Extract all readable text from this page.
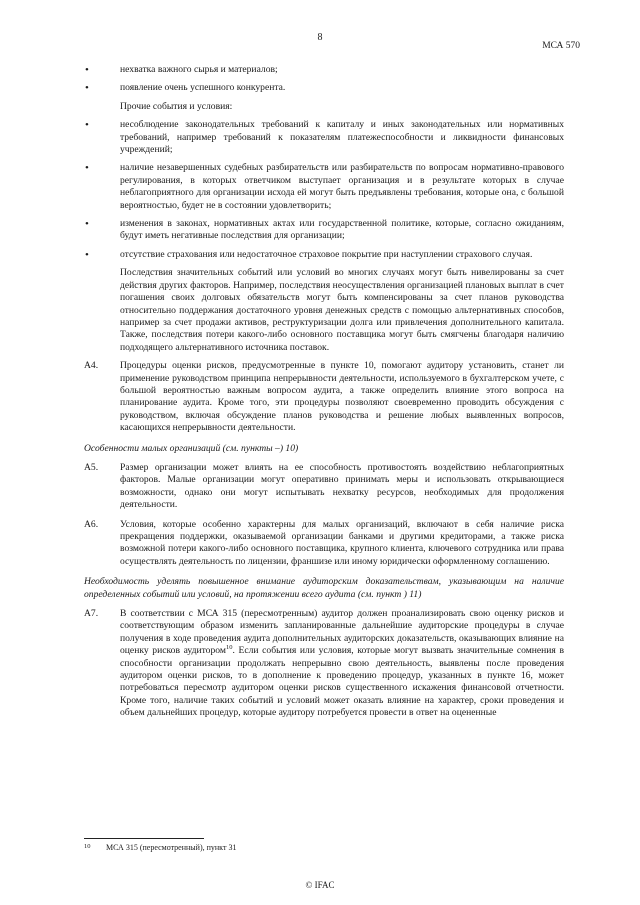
8
МСА 570
• нехватка важного сырья и материалов;
• появление очень успешного конкурента.
Прочие события и условия:
• несоблюдение законодательных требований к капиталу и иных законодательных или нормативных требований, например требований к показателям платежеспособности и ликвидности финансовых учреждений;
• наличие незавершенных судебных разбирательств или разбирательств по вопросам нормативно-правового регулирования, в которых ответчиком выступает организация и в результате которых в случае неблагоприятного для организации исхода ей могут быть предъявлены требования, которые она, с большой вероятностью, будет не в состоянии удовлетворить;
• изменения в законах, нормативных актах или государственной политике, которые, согласно ожиданиям, будут иметь негативные последствия для организации;
• отсутствие страхования или недостаточное страховое покрытие при наступлении страхового случая.

Последствия значительных событий или условий во многих случаях могут быть нивелированы за счет действия других факторов. Например, последствия неосуществления организацией плановых выплат в счет погашения своих долговых обязательств могут быть компенсированы за счет планов руководства относительно поддержания достаточного уровня денежных средств с помощью альтернативных способов, например за счет продажи активов, реструктуризации долга или привлечения дополнительного капитала. Также, последствия потери какого-либо основного поставщика могут быть смягчены благодаря наличию подходящего альтернативного источника поставок.

A4. Процедуры оценки рисков, предусмотренные в пункте 10, помогают аудитору установить, станет ли применение руководством принципа непрерывности деятельности, используемого в бухгалтерском учете, с большой вероятностью важным вопросом аудита, а также определить влияние этого вопроса на планирование аудита. Кроме того, эти процедуры позволяют своевременно проводить обсуждения с руководством, включая обсуждение планов руководства и решение любых выявленных вопросов, касающихся непрерывности деятельности.
Особенности малых организаций (см. пункты –) 10)
A5. Размер организации может влиять на ее способность противостоять воздействию неблагоприятных факторов. Малые организации могут оперативно принимать меры и использовать открывающиеся возможности, однако они могут испытывать нехватку ресурсов, необходимых для продолжения деятельности.
A6. Условия, которые особенно характерны для малых организаций, включают в себя наличие риска прекращения поддержки, оказываемой организации банками и другими кредиторами, а также риска возможной потери какого-либо основного поставщика, крупного клиента, ключевого сотрудника или права осуществлять деятельность по лицензии, франшизе или иному юридически оформленному соглашению.
Необходимость уделять повышенное внимание аудиторским доказательствам, указывающим на наличие определенных событий или условий, на протяжении всего аудита (см. пункт ) 11)
A7. В соответствии с МСА 315 (пересмотренным) аудитор должен проанализировать свою оценку рисков и соответствующим образом изменить запланированные дальнейшие аудиторские процедуры в случае получения в ходе проведения аудита дополнительных аудиторских доказательств, оказывающих влияние на оценку рисков аудитором$^{10}$. Если события или условия, которые могут вызвать значительные сомнения в способности организации продолжать непрерывно свою деятельность, выявлены после проведения аудитором оценки рисков, то в дополнение к проведению процедур, указанных в пункте 16, может потребоваться пересмотр аудитором оценки рисков существенного искажения финансовой отчетности. Кроме того, наличие таких событий и условий может оказать влияние на характер, сроки проведения и объем дальнейших процедур, которые аудитору потребуется провести в ответ на оцененные
10 МСА 315 (пересмотренный), пункт 31
© IFAC
